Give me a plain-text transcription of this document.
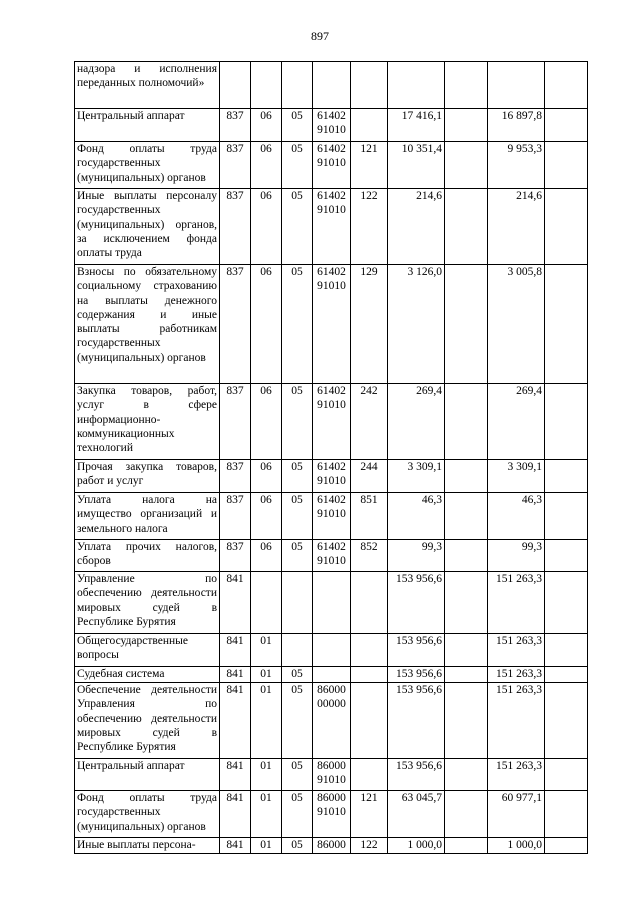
897
надзора и исполнения переданных полномочий»									
Центральный аппарат	837	06	05	61402 91010		17 416,1		16 897,8	
Фонд оплаты труда государственных (муниципальных) органов	837	06	05	61402 91010	121	10 351,4		9 953,3	
Иные выплаты персоналу государственных (муниципальных) органов, за исключением фонда оплаты труда	837	06	05	61402 91010	122	214,6		214,6	
Взносы по обязательному социальному страхованию на выплаты денежного содержания и иные выплаты работникам государственных (муниципальных) органов	837	06	05	61402 91010	129	3 126,0		3 005,8	
Закупка товаров, работ, услуг в сфере информационно-коммуникационных технологий	837	06	05	61402 91010	242	269,4		269,4	
Прочая закупка товаров, работ и услуг	837	06	05	61402 91010	244	3 309,1		3 309,1	
Уплата налога на имущество организаций и земельного налога	837	06	05	61402 91010	851	46,3		46,3	
Уплата прочих налогов, сборов	837	06	05	61402 91010	852	99,3		99,3	
Управление по обеспечению деятельности мировых судей в Республике Бурятия	841					153 956,6		151 263,3	
Общегосударственные вопросы	841	01				153 956,6		151 263,3	
Судебная система	841	01	05			153 956,6		151 263,3	
Обеспечение деятельности Управления по обеспечению деятельности мировых судей в Республике Бурятия	841	01	05	86000 00000		153 956,6		151 263,3	
Центральный аппарат	841	01	05	86000 91010		153 956,6		151 263,3	
Фонд оплаты труда государственных (муниципальных) органов	841	01	05	86000 91010	121	63 045,7		60 977,1	
Иные выплаты персона-	841	01	05	86000	122	1 000,0		1 000,0	
